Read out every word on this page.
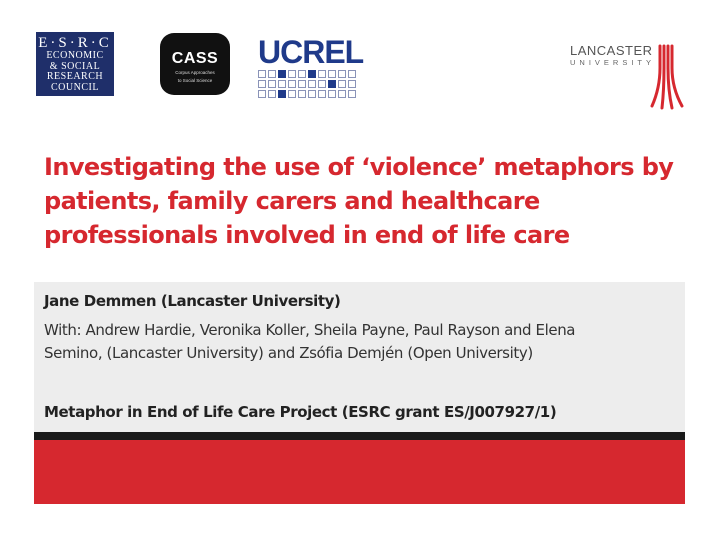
E·S·R·C
ECONOMIC
& SOCIAL
RESEARCH
COUNCIL
CASS
Corpus Approaches
to Social Science
UCREL	LANCASTER
UNIVERSITY
Investigating the use of ‘violence’ metaphors by
patients, family carers and healthcare
professionals involved in end of life care
Jane Demmen (Lancaster University)
With: Andrew Hardie, Veronika Koller, Sheila Payne, Paul Rayson and Elena
Semino, (Lancaster University) and Zsófia Demjén (Open University)
Metaphor in End of Life Care Project (ESRC grant ES/J007927/1)
